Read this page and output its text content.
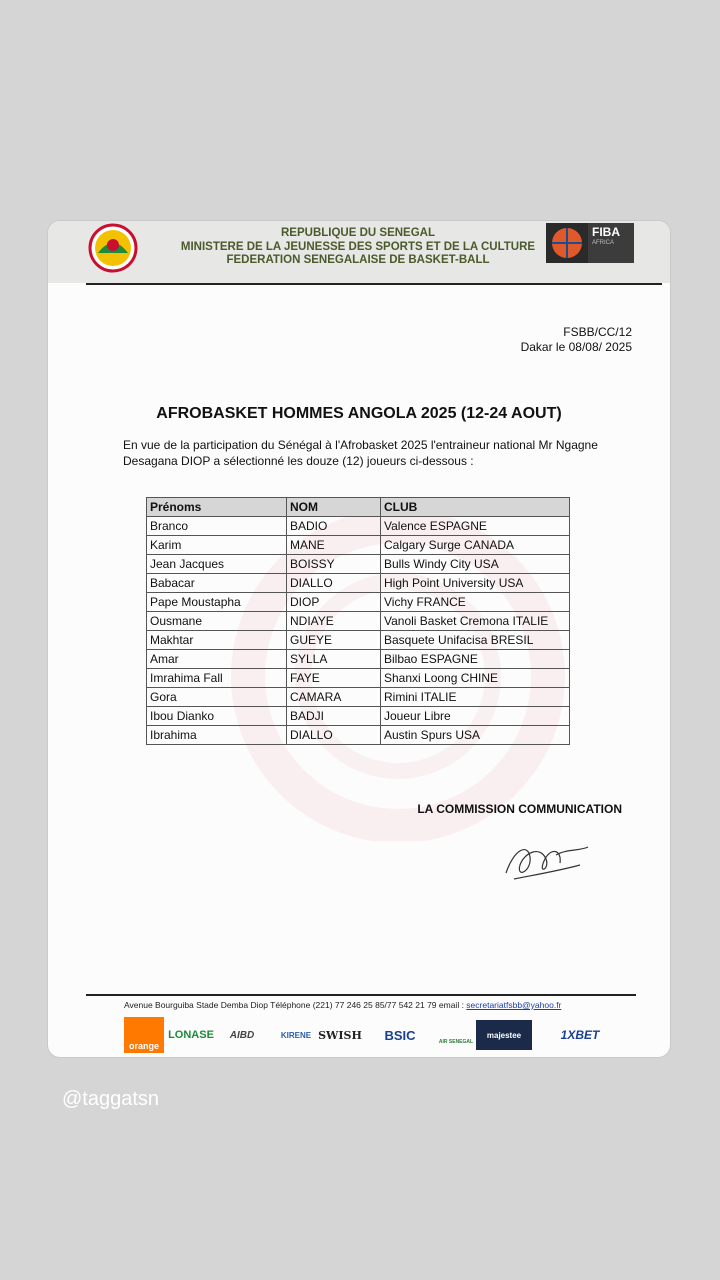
REPUBLIQUE DU SENEGAL
MINISTERE DE LA JEUNESSE DES SPORTS ET DE LA CULTURE
FEDERATION SENEGALAISE DE BASKET-BALL
FIBA
AFRICA
FSBB/CC/12
Dakar le 08/08/ 2025
AFROBASKET HOMMES ANGOLA 2025 (12-24 AOUT)
En vue de la participation du Sénégal à l'Afrobasket 2025 l'entraineur national Mr Ngagne Desagana DIOP a sélectionné les douze (12) joueurs ci-dessous :
Prénoms	NOM	CLUB
Branco	BADIO	Valence ESPAGNE
Karim	MANE	Calgary Surge CANADA
Jean Jacques	BOISSY	Bulls Windy City USA
Babacar	DIALLO	High Point University USA
Pape Moustapha	DIOP	Vichy FRANCE
Ousmane	NDIAYE	Vanoli Basket Cremona ITALIE
Makhtar	GUEYE	Basquete Unifacisa BRESIL
Amar	SYLLA	Bilbao ESPAGNE
Imrahima Fall	FAYE	Shanxi Loong CHINE
Gora	CAMARA	Rimini ITALIE
Ibou Dianko	BADJI	Joueur Libre
Ibrahima	DIALLO	Austin Spurs USA
LA COMMISSION COMMUNICATION
Avenue Bourguiba Stade Demba Diop Téléphone (221) 77 246 25 85/77 542 21 79 email : secretariatfsbb@yahoo.fr
orange
LONASE AIBD	KIRENE SWISH BSIC	AIR SENEGAL
majestee	1XBET
@taggatsn
